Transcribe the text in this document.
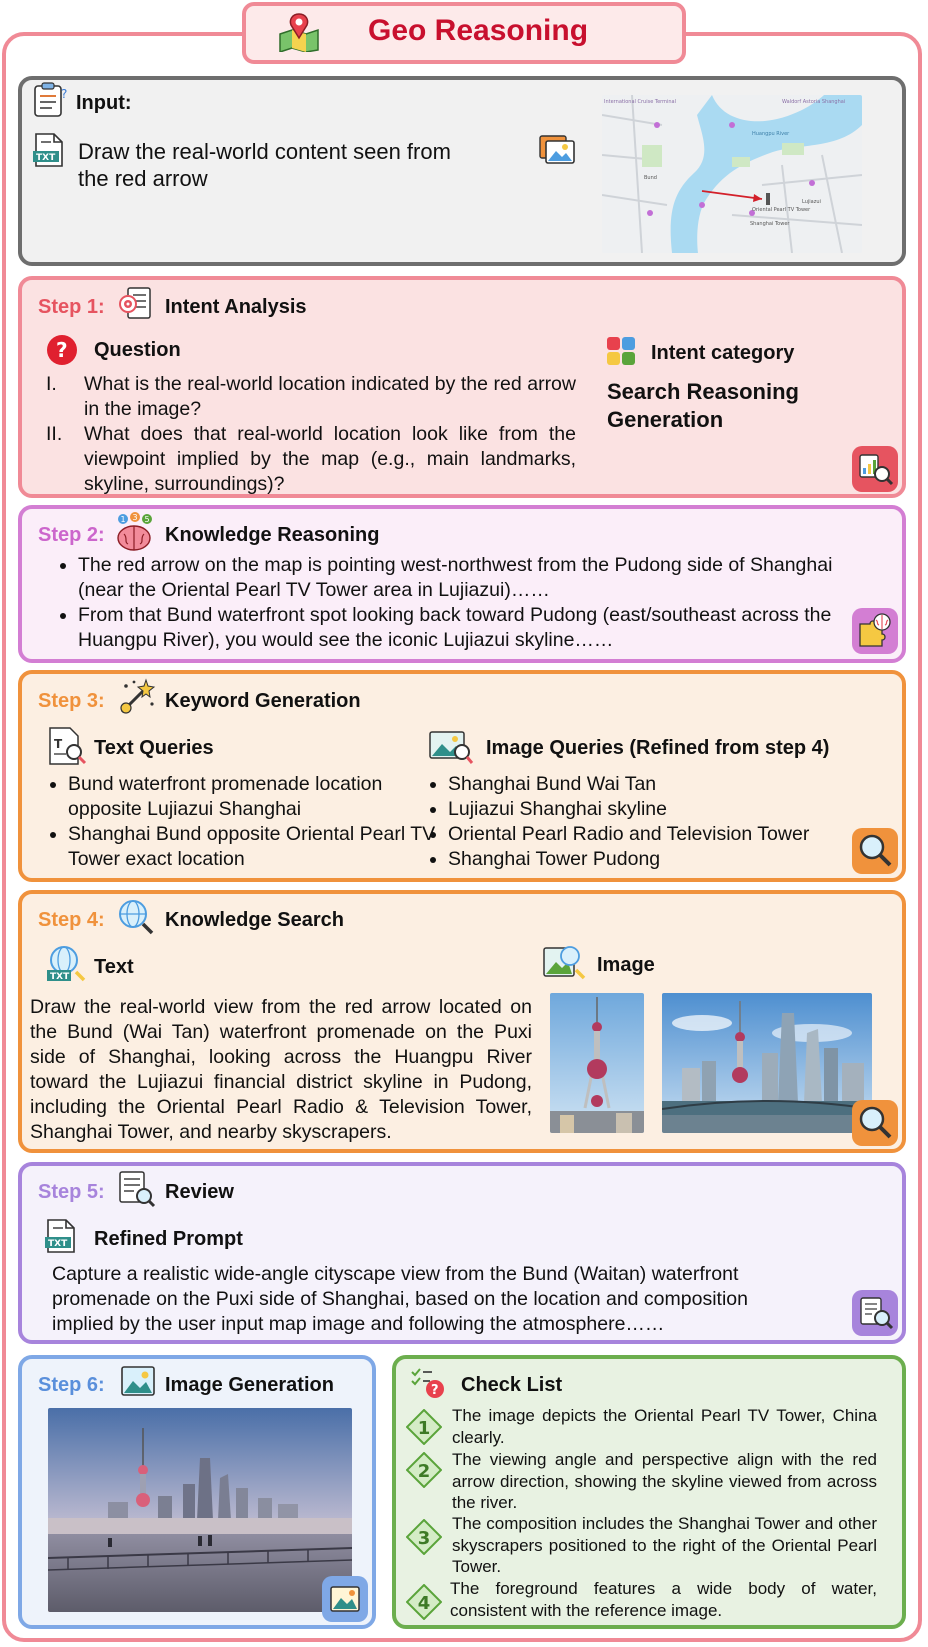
Geo Reasoning
? Input:
TXT Draw the real-world content seen from the red arrow
International Cruise Terminal	Waldorf Astoria Shanghai
Bund
Shanghai Tower
Oriental Pearl TV Tower
Lujiazui
Huangpu River
Step 1:	Intent Analysis
? Question
I. What is the real-world location indicated by the red arrow in the image?
II. What does that real-world location look like from the viewpoint implied by the map (e.g., main landmarks, skyline, surroundings)?
Intent category
Search Reasoning Generation
Step 2:
1 3 5
Knowledge Reasoning
• The red arrow on the map is pointing west-northwest from the Pudong side of Shanghai (near the Oriental Pearl TV Tower area in Lujiazui)……
• From that Bund waterfront spot looking back toward Pudong (east/southeast across the Huangpu River), you would see the iconic Lujiazui skyline……
Step 3:	Keyword Generation
T Text Queries
• Bund waterfront promenade location opposite Lujiazui Shanghai
• Shanghai Bund opposite Oriental Pearl TV Tower exact location
Image Queries (Refined from step 4)
• Shanghai Bund Wai Tan
• Lujiazui Shanghai skyline
• Oriental Pearl Radio and Television Tower
• Shanghai Tower Pudong
Step 4:	Knowledge Search
TXT Text
Draw the real-world view from the red arrow located on the Bund (Wai Tan) waterfront promenade on the Puxi side of Shanghai, looking across the Huangpu River toward the Lujiazui financial district skyline in Pudong, including the Oriental Pearl Radio & Television Tower, Shanghai Tower, and nearby skyscrapers.
Image
Step 5:	Review
TXT Refined Prompt
Capture a realistic wide-angle cityscape view from the Bund (Waitan) waterfront promenade on the Puxi side of Shanghai, based on the location and composition implied by the user input map image and following the atmosphere……
Step 6:	Image Generation	? Check List
1
The image depicts the Oriental Pearl TV Tower, China clearly.
2
The viewing angle and perspective align with the red arrow direction, showing the skyline viewed from across the river.
3
The composition includes the Shanghai Tower and other skyscrapers positioned to the right of the Oriental Pearl Tower.
4
The foreground features a wide body of water, consistent with the reference image.
